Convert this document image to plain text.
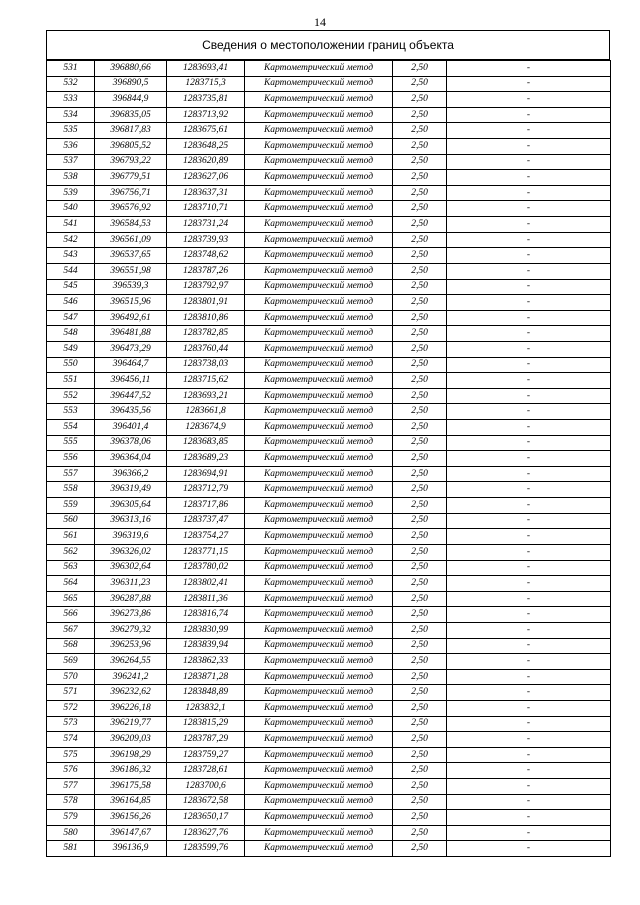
14
Сведения о местоположении границ объекта
531	396880,66	1283693,41	Картометрический метод	2,50	-
532	396890,5	1283715,3	Картометрический метод	2,50	-
533	396844,9	1283735,81	Картометрический метод	2,50	-
534	396835,05	1283713,92	Картометрический метод	2,50	-
535	396817,83	1283675,61	Картометрический метод	2,50	-
536	396805,52	1283648,25	Картометрический метод	2,50	-
537	396793,22	1283620,89	Картометрический метод	2,50	-
538	396779,51	1283627,06	Картометрический метод	2,50	-
539	396756,71	1283637,31	Картометрический метод	2,50	-
540	396576,92	1283710,71	Картометрический метод	2,50	-
541	396584,53	1283731,24	Картометрический метод	2,50	-
542	396561,09	1283739,93	Картометрический метод	2,50	-
543	396537,65	1283748,62	Картометрический метод	2,50	-
544	396551,98	1283787,26	Картометрический метод	2,50	-
545	396539,3	1283792,97	Картометрический метод	2,50	-
546	396515,96	1283801,91	Картометрический метод	2,50	-
547	396492,61	1283810,86	Картометрический метод	2,50	-
548	396481,88	1283782,85	Картометрический метод	2,50	-
549	396473,29	1283760,44	Картометрический метод	2,50	-
550	396464,7	1283738,03	Картометрический метод	2,50	-
551	396456,11	1283715,62	Картометрический метод	2,50	-
552	396447,52	1283693,21	Картометрический метод	2,50	-
553	396435,56	1283661,8	Картометрический метод	2,50	-
554	396401,4	1283674,9	Картометрический метод	2,50	-
555	396378,06	1283683,85	Картометрический метод	2,50	-
556	396364,04	1283689,23	Картометрический метод	2,50	-
557	396366,2	1283694,91	Картометрический метод	2,50	-
558	396319,49	1283712,79	Картометрический метод	2,50	-
559	396305,64	1283717,86	Картометрический метод	2,50	-
560	396313,16	1283737,47	Картометрический метод	2,50	-
561	396319,6	1283754,27	Картометрический метод	2,50	-
562	396326,02	1283771,15	Картометрический метод	2,50	-
563	396302,64	1283780,02	Картометрический метод	2,50	-
564	396311,23	1283802,41	Картометрический метод	2,50	-
565	396287,88	1283811,36	Картометрический метод	2,50	-
566	396273,86	1283816,74	Картометрический метод	2,50	-
567	396279,32	1283830,99	Картометрический метод	2,50	-
568	396253,96	1283839,94	Картометрический метод	2,50	-
569	396264,55	1283862,33	Картометрический метод	2,50	-
570	396241,2	1283871,28	Картометрический метод	2,50	-
571	396232,62	1283848,89	Картометрический метод	2,50	-
572	396226,18	1283832,1	Картометрический метод	2,50	-
573	396219,77	1283815,29	Картометрический метод	2,50	-
574	396209,03	1283787,29	Картометрический метод	2,50	-
575	396198,29	1283759,27	Картометрический метод	2,50	-
576	396186,32	1283728,61	Картометрический метод	2,50	-
577	396175,58	1283700,6	Картометрический метод	2,50	-
578	396164,85	1283672,58	Картометрический метод	2,50	-
579	396156,26	1283650,17	Картометрический метод	2,50	-
580	396147,67	1283627,76	Картометрический метод	2,50	-
581	396136,9	1283599,76	Картометрический метод	2,50	-
